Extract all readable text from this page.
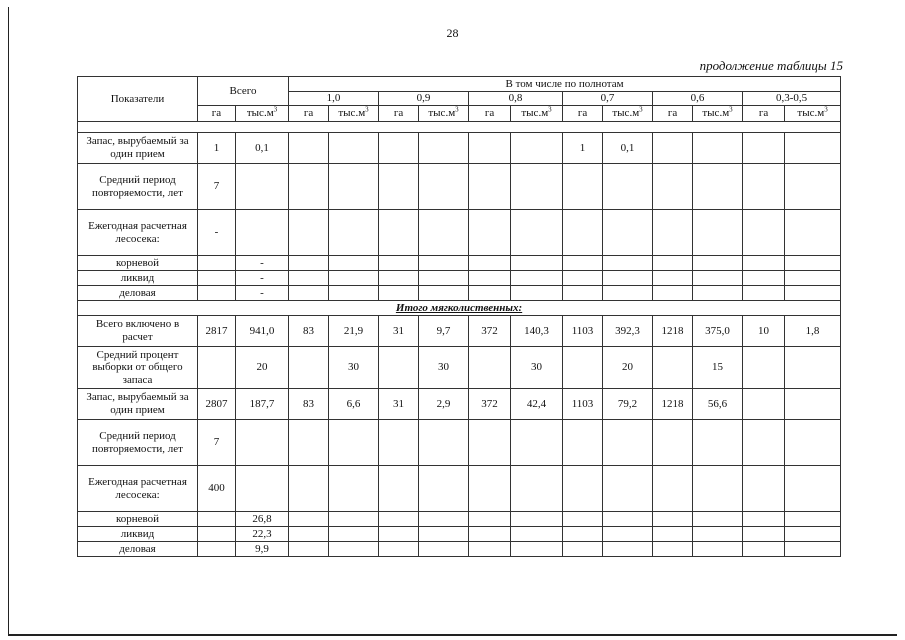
28
продолжение таблицы 15
Показатели	Всего		В том числе по полнотам											
			1,0		0,9		0,8		0,7		0,6		0,3-0,5	
	га	$тыс.м^3$	га	$тыс.м^3$	га	$тыс.м^3$	га	$тыс.м^3$	га	$тыс.м^3$	га	$тыс.м^3$	га	$тыс.м^3$

Запас, вырубаемый за один прием	1	0,1							1	0,1				
Средний период повторяемости, лет	7													
Ежегодная расчетная лесосека:	-													
корневой		-												
ликвид		-												
деловая		-												
Итого мягколиственных:														
Всего включено в расчет	2817	941,0	83	21,9	31	9,7	372	140,3	1103	392,3	1218	375,0	10	1,8
Средний процент выборки от общего запаса		20		30		30		30		20		15		
Запас, вырубаемый за один прием	2807	187,7	83	6,6	31	2,9	372	42,4	1103	79,2	1218	56,6		
Средний период повторяемости, лет	7													
Ежегодная расчетная лесосека:	400													
корневой		26,8												
ликвид		22,3												
деловая		9,9												
